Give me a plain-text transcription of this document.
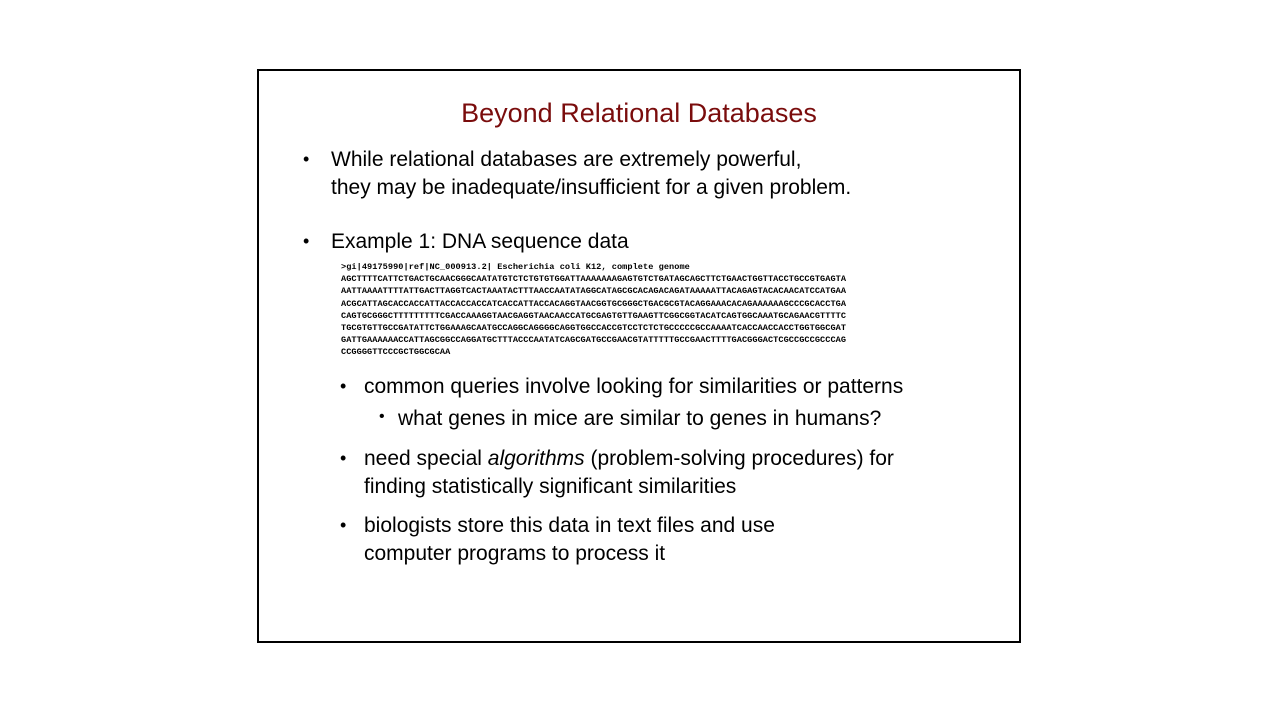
Beyond Relational Databases
• While relational databases are extremely powerful,
they may be inadequate/insufficient for a given problem.
• Example 1: DNA sequence data
>gi|49175990|ref|NC_000913.2| Escherichia coli K12, complete genome
AGCTTTTCATTCTGACTGCAACGGGCAATATGTCTCTGTGTGGATTAAAAAAAGAGTGTCTGATAGCAGCTTCTGAACTGGTTACCTGCCGTGAGTA
AATTAAAATTTTATTGACTTAGGTCACTAAATACTTTAACCAATATAGGCATAGCGCACAGACAGATAAAAATTACAGAGTACACAACATCCATGAA
ACGCATTAGCACCACCATTACCACCACCATCACCATTACCACAGGTAACGGTGCGGGCTGACGCGTACAGGAAACACAGAAAAAAGCCCGCACCTGA
CAGTGCGGGCTTTTTTTTTCGACCAAAGGTAACGAGGTAACAACCATGCGAGTGTTGAAGTTCGGCGGTACATCAGTGGCAAATGCAGAACGTTTTC
TGCGTGTTGCCGATATTCTGGAAAGCAATGCCAGGCAGGGGCAGGTGGCCACCGTCCTCTCTGCCCCCGCCAAAATCACCAACCACCTGGTGGCGAT
GATTGAAAAAACCATTAGCGGCCAGGATGCTTTACCCAATATCAGCGATGCCGAACGTATTTTTGCCGAACTTTTGACGGGACTCGCCGCCGCCCAG
CCGGGGTTCCCGCTGGCGCAA
• common queries involve looking for similarities or patterns
• what genes in mice are similar to genes in humans?
• need special algorithms (problem-solving procedures) for
finding statistically significant similarities
• biologists store this data in text files and use
computer programs to process it
